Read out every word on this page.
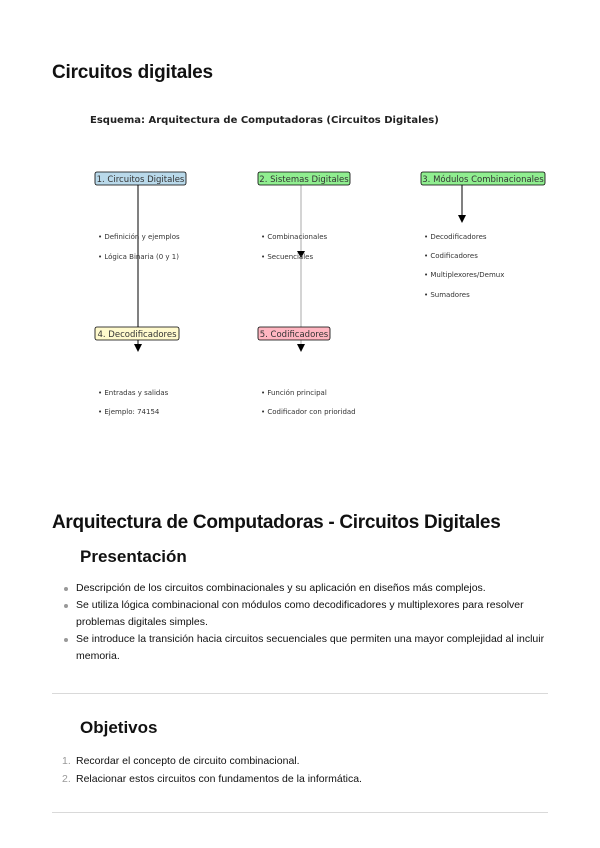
Circuitos digitales
Esquema: Arquitectura de Computadoras (Circuitos Digitales)
1. Circuitos Digitales	2. Sistemas Digitales	3. Módulos Combinacionales
4. Decodificadores	5. Codificadores
• Definición y ejemplos
• Lógica Binaria (0 y 1)
• Combinacionales
• Secuenciales
• Decodificadores
• Codificadores
• Multiplexores/Demux
• Sumadores
• Entradas y salidas
• Ejemplo: 74154
• Función principal
• Codificador con prioridad
Arquitectura de Computadoras - Circuitos Digitales
Presentación
Descripción de los circuitos combinacionales y su aplicación en diseños más complejos.
Se utiliza lógica combinacional con módulos como decodificadores y multiplexores para resolver problemas digitales simples.
Se introduce la transición hacia circuitos secuenciales que permiten una mayor complejidad al incluir memoria.
Objetivos
1. Recordar el concepto de circuito combinacional.
2. Relacionar estos circuitos con fundamentos de la informática.
